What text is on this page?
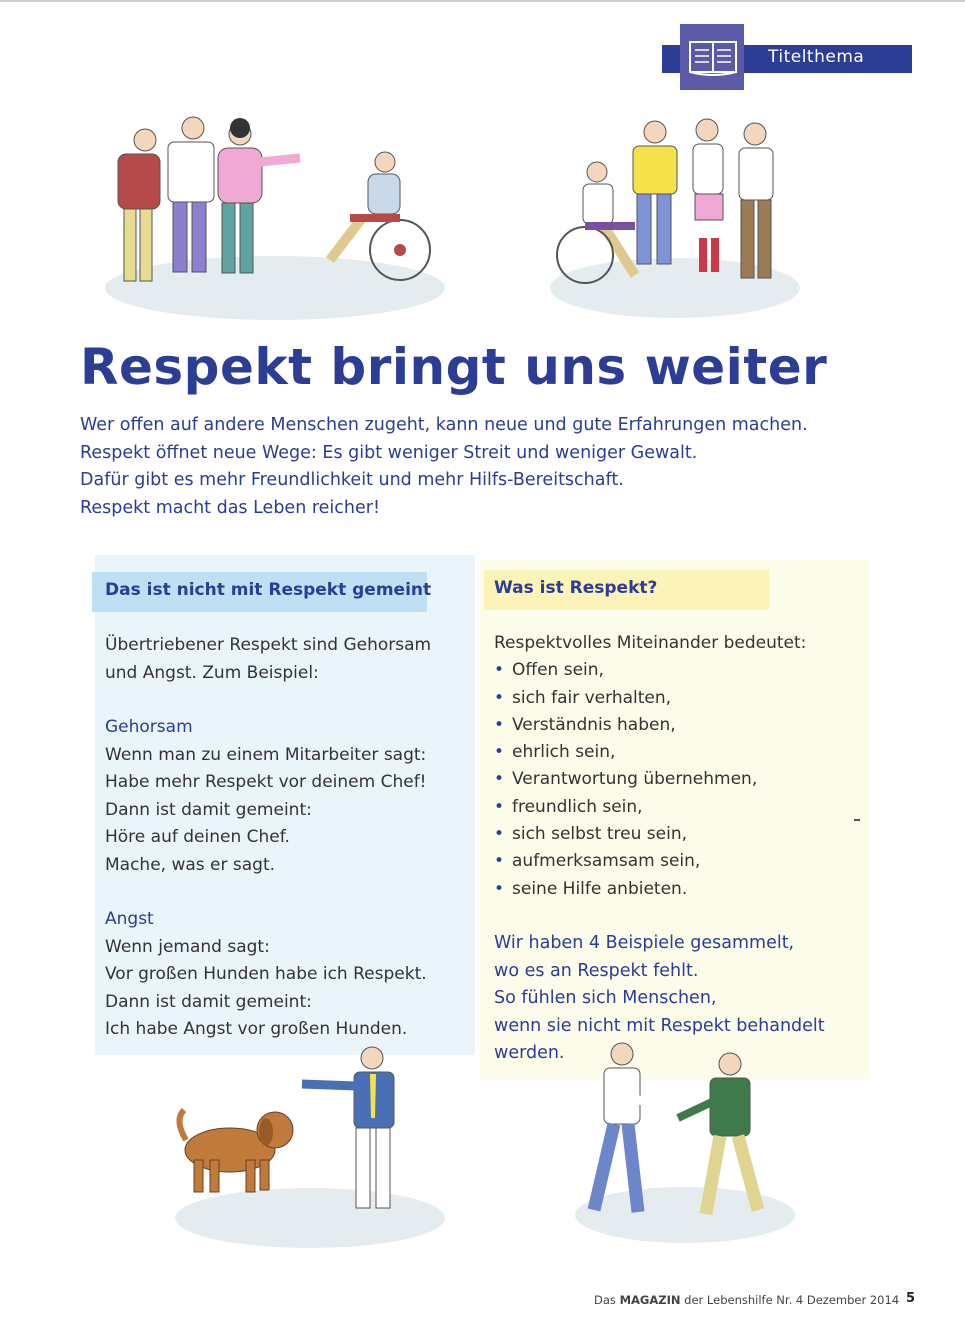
Titelthema
Respekt bringt uns weiter
Wer offen auf andere Menschen zugeht, kann neue und gute Erfahrungen machen.
Respekt öffnet neue Wege: Es gibt weniger Streit und weniger Gewalt.
Dafür gibt es mehr Freundlichkeit und mehr Hilfs-Bereitschaft.
Respekt macht das Leben reicher!
Das ist nicht mit Respekt gemeint	Was ist Respekt?
Übertriebener Respekt sind Gehorsam
und Angst. Zum Beispiel:
Gehorsam
Wenn man zu einem Mitarbeiter sagt:
Habe mehr Respekt vor deinem Chef!
Dann ist damit gemeint:
Höre auf deinen Chef.
Mache, was er sagt.
Angst
Wenn jemand sagt:
Vor großen Hunden habe ich Respekt.
Dann ist damit gemeint:
Ich habe Angst vor großen Hunden.
Respektvolles Miteinander bedeutet:
• Offen sein,
• sich fair verhalten,
• Verständnis haben,
• ehrlich sein,
• Verantwortung übernehmen,
• freundlich sein,
• sich selbst treu sein,
• aufmerksamsam sein,
• seine Hilfe anbieten.
Wir haben 4 Beispiele gesammelt,
wo es an Respekt fehlt.
So fühlen sich Menschen,
wenn sie nicht mit Respekt behandelt
werden.
Das MAGAZIN der Lebenshilfe Nr. 4 Dezember 2014 5
